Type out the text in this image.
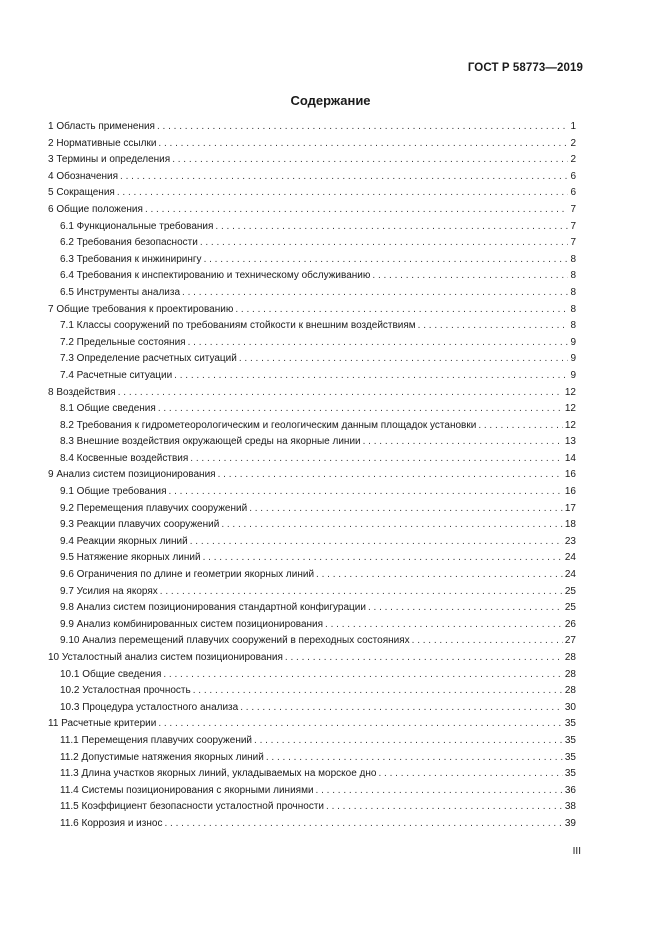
ГОСТ Р 58773—2019
Содержание
1 Область применения . . .	1
2 Нормативные ссылки . . .	2
3 Термины и определения . . .	2
4 Обозначения . . .	6
5 Сокращения . . .	6
6 Общие положения . . .	7
6.1 Функциональные требования . . .	7
6.2 Требования безопасности . . .	7
6.3 Требования к инжинирингу . . .	8
6.4 Требования к инспектированию и техническому обслуживанию . . .	8
6.5 Инструменты анализа . . .	8
7 Общие требования к проектированию . . .	8
7.1 Классы сооружений по требованиям стойкости к внешним воздействиям . . .	8
7.2 Предельные состояния . . .	9
7.3 Определение расчетных ситуаций . . .	9
7.4 Расчетные ситуации . . .	9
8 Воздействия . . .	12
8.1 Общие сведения . . .	12
8.2 Требования к гидрометеорологическим и геологическим данным площадок установки . . .	12
8.3 Внешние воздействия окружающей среды на якорные линии . . .	13
8.4 Косвенные воздействия . . .	14
9 Анализ систем позиционирования . . .	16
9.1 Общие требования . . .	16
9.2 Перемещения плавучих сооружений . . .	17
9.3 Реакции плавучих сооружений . . .	18
9.4 Реакции якорных линий . . .	23
9.5 Натяжение якорных линий . . .	24
9.6 Ограничения по длине и геометрии якорных линий . . .	24
9.7 Усилия на якорях . . .	25
9.8 Анализ систем позиционирования стандартной конфигурации . . .	25
9.9 Анализ комбинированных систем позиционирования . . .	26
9.10 Анализ перемещений плавучих сооружений в переходных состояниях . . .	27
10 Усталостный анализ систем позиционирования . . .	28
10.1 Общие сведения . . .	28
10.2 Усталостная прочность . . .	28
10.3 Процедура усталостного анализа . . .	30
11 Расчетные критерии . . .	35
11.1 Перемещения плавучих сооружений . . .	35
11.2 Допустимые натяжения якорных линий . . .	35
11.3 Длина участков якорных линий, укладываемых на морское дно . . .	35
11.4 Системы позиционирования с якорными линиями . . .	36
11.5 Коэффициент безопасности усталостной прочности . . .	38
11.6 Коррозия и износ . . .	39
III
